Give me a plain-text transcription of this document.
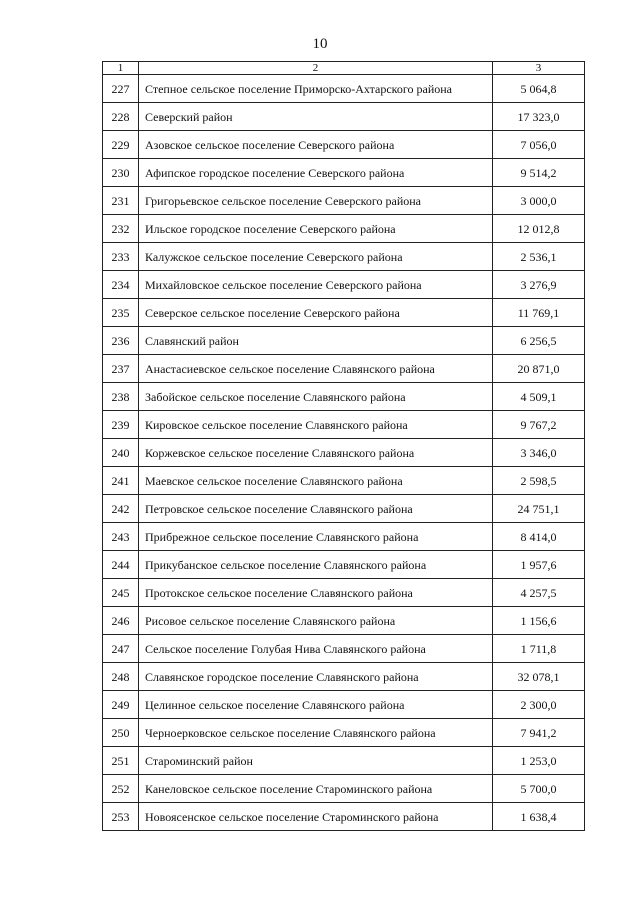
10
1	2	3
227	Степное сельское поселение Приморско-Ахтарского района	5 064,8
228	Северский район	17 323,0
229	Азовское сельское поселение Северского района	7 056,0
230	Афипское городское поселение Северского района	9 514,2
231	Григорьевское сельское поселение Северского района	3 000,0
232	Ильское городское поселение Северского района	12 012,8
233	Калужское сельское поселение Северского района	2 536,1
234	Михайловское сельское поселение Северского района	3 276,9
235	Северское сельское поселение Северского района	11 769,1
236	Славянский район	6 256,5
237	Анастасиевское сельское поселение Славянского района	20 871,0
238	Забойское сельское поселение Славянского района	4 509,1
239	Кировское сельское поселение Славянского района	9 767,2
240	Коржевское сельское поселение Славянского района	3 346,0
241	Маевское сельское поселение Славянского района	2 598,5
242	Петровское сельское поселение Славянского района	24 751,1
243	Прибрежное сельское поселение Славянского района	8 414,0
244	Прикубанское сельское поселение Славянского района	1 957,6
245	Протокское сельское поселение Славянского района	4 257,5
246	Рисовое сельское поселение Славянского района	1 156,6
247	Сельское поселение Голубая Нива Славянского района	1 711,8
248	Славянское городское поселение Славянского района	32 078,1
249	Целинное сельское поселение Славянского района	2 300,0
250	Черноерковское сельское поселение Славянского района	7 941,2
251	Староминский район	1 253,0
252	Канеловское сельское поселение Староминского района	5 700,0
253	Новоясенское сельское поселение Староминского района	1 638,4
